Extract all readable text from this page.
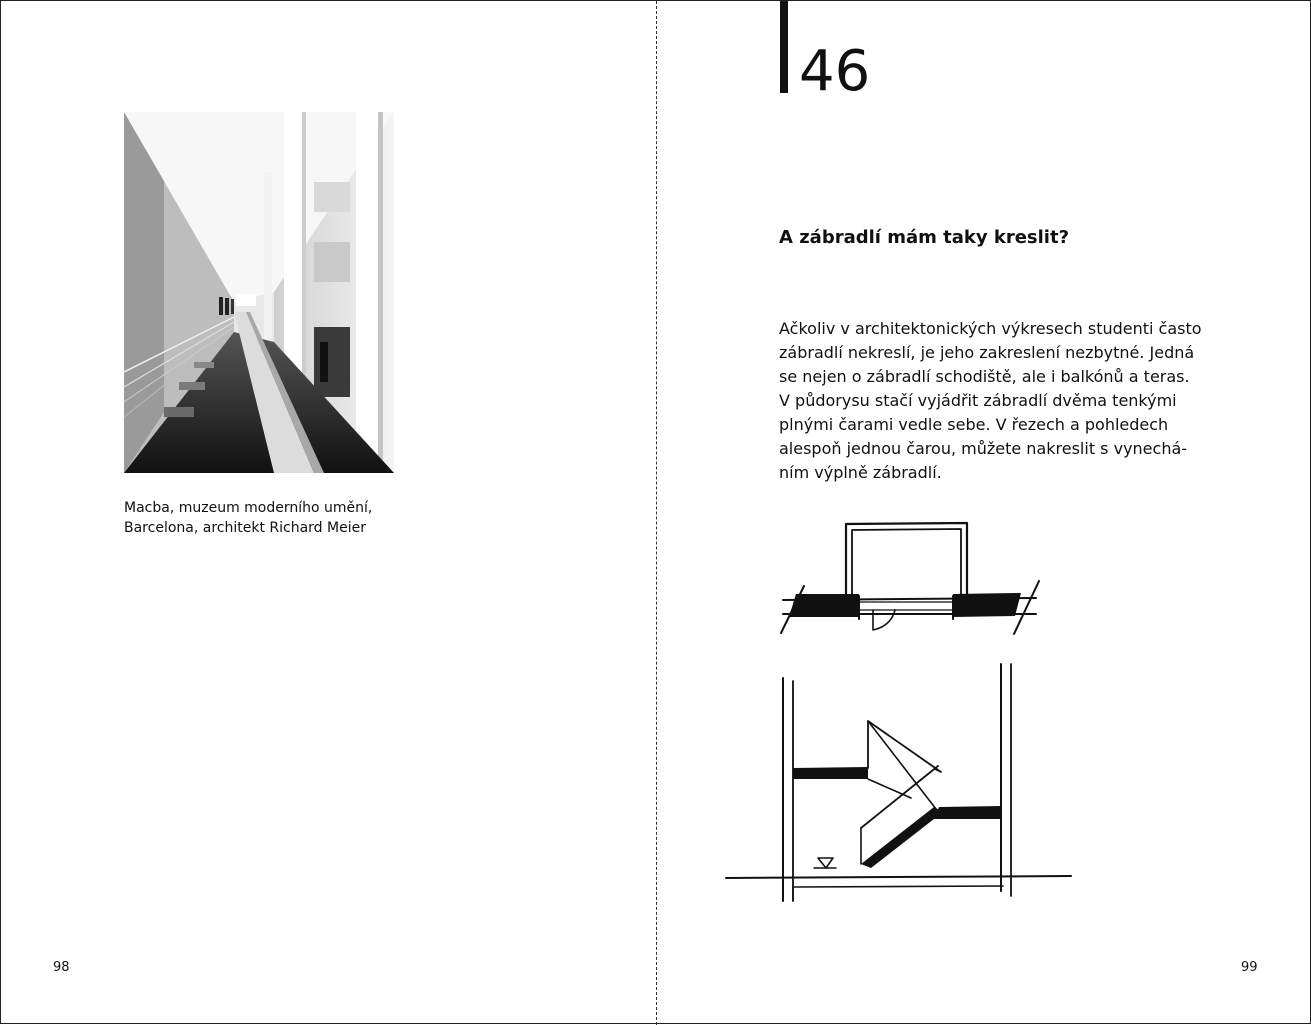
Macba, muzeum moderního umění,
Barcelona, architekt Richard Meier
98
46
A zábradlí mám taky kreslit?
Ačkoliv v architektonických výkresech studenti často
zábradlí nekreslí, je jeho zakreslení nezbytné. Jedná
se nejen o zábradlí schodiště, ale i balkónů a teras.
V půdorysu stačí vyjádřit zábradlí dvěma tenkými
plnými čarami vedle sebe. V řezech a pohledech
alespoň jednou čarou, můžete nakreslit s vynechá-
ním výplně zábradlí.
99
